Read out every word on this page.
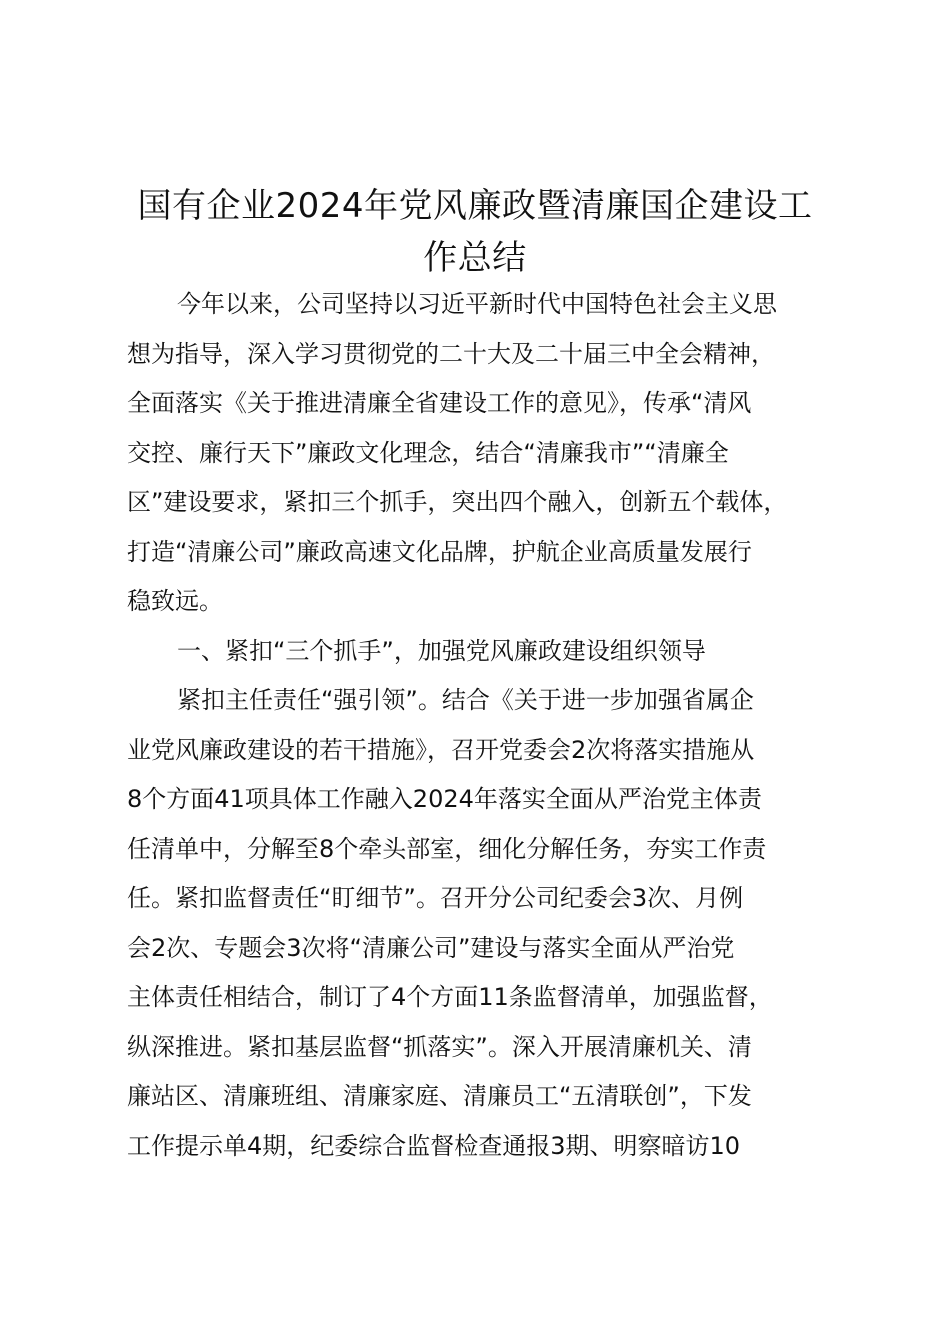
国有企业2024年党风廉政暨清廉国企建设工
作总结
今年以来，公司坚持以习近平新时代中国特色社会主义思
想为指导，深入学习贯彻党的二十大及二十届三中全会精神，
全面落实《关于推进清廉全省建设工作的意见》，传承“清风
交控、廉行天下”廉政文化理念，结合“清廉我市”“清廉全
区”建设要求，紧扣三个抓手，突出四个融入，创新五个载体，
打造“清廉公司”廉政高速文化品牌，护航企业高质量发展行
稳致远。
一、紧扣“三个抓手”，加强党风廉政建设组织领导
紧扣主任责任“强引领”。结合《关于进一步加强省属企
业党风廉政建设的若干措施》，召开党委会2次将落实措施从
8个方面41项具体工作融入2024年落实全面从严治党主体责
任清单中，分解至8个牵头部室，细化分解任务，夯实工作责
任。紧扣监督责任“盯细节”。召开分公司纪委会3次、月例
会2次、专题会3次将“清廉公司”建设与落实全面从严治党
主体责任相结合，制订了4个方面11条监督清单，加强监督，
纵深推进。紧扣基层监督“抓落实”。深入开展清廉机关、清
廉站区、清廉班组、清廉家庭、清廉员工“五清联创”，下发
工作提示单4期，纪委综合监督检查通报3期、明察暗访10
